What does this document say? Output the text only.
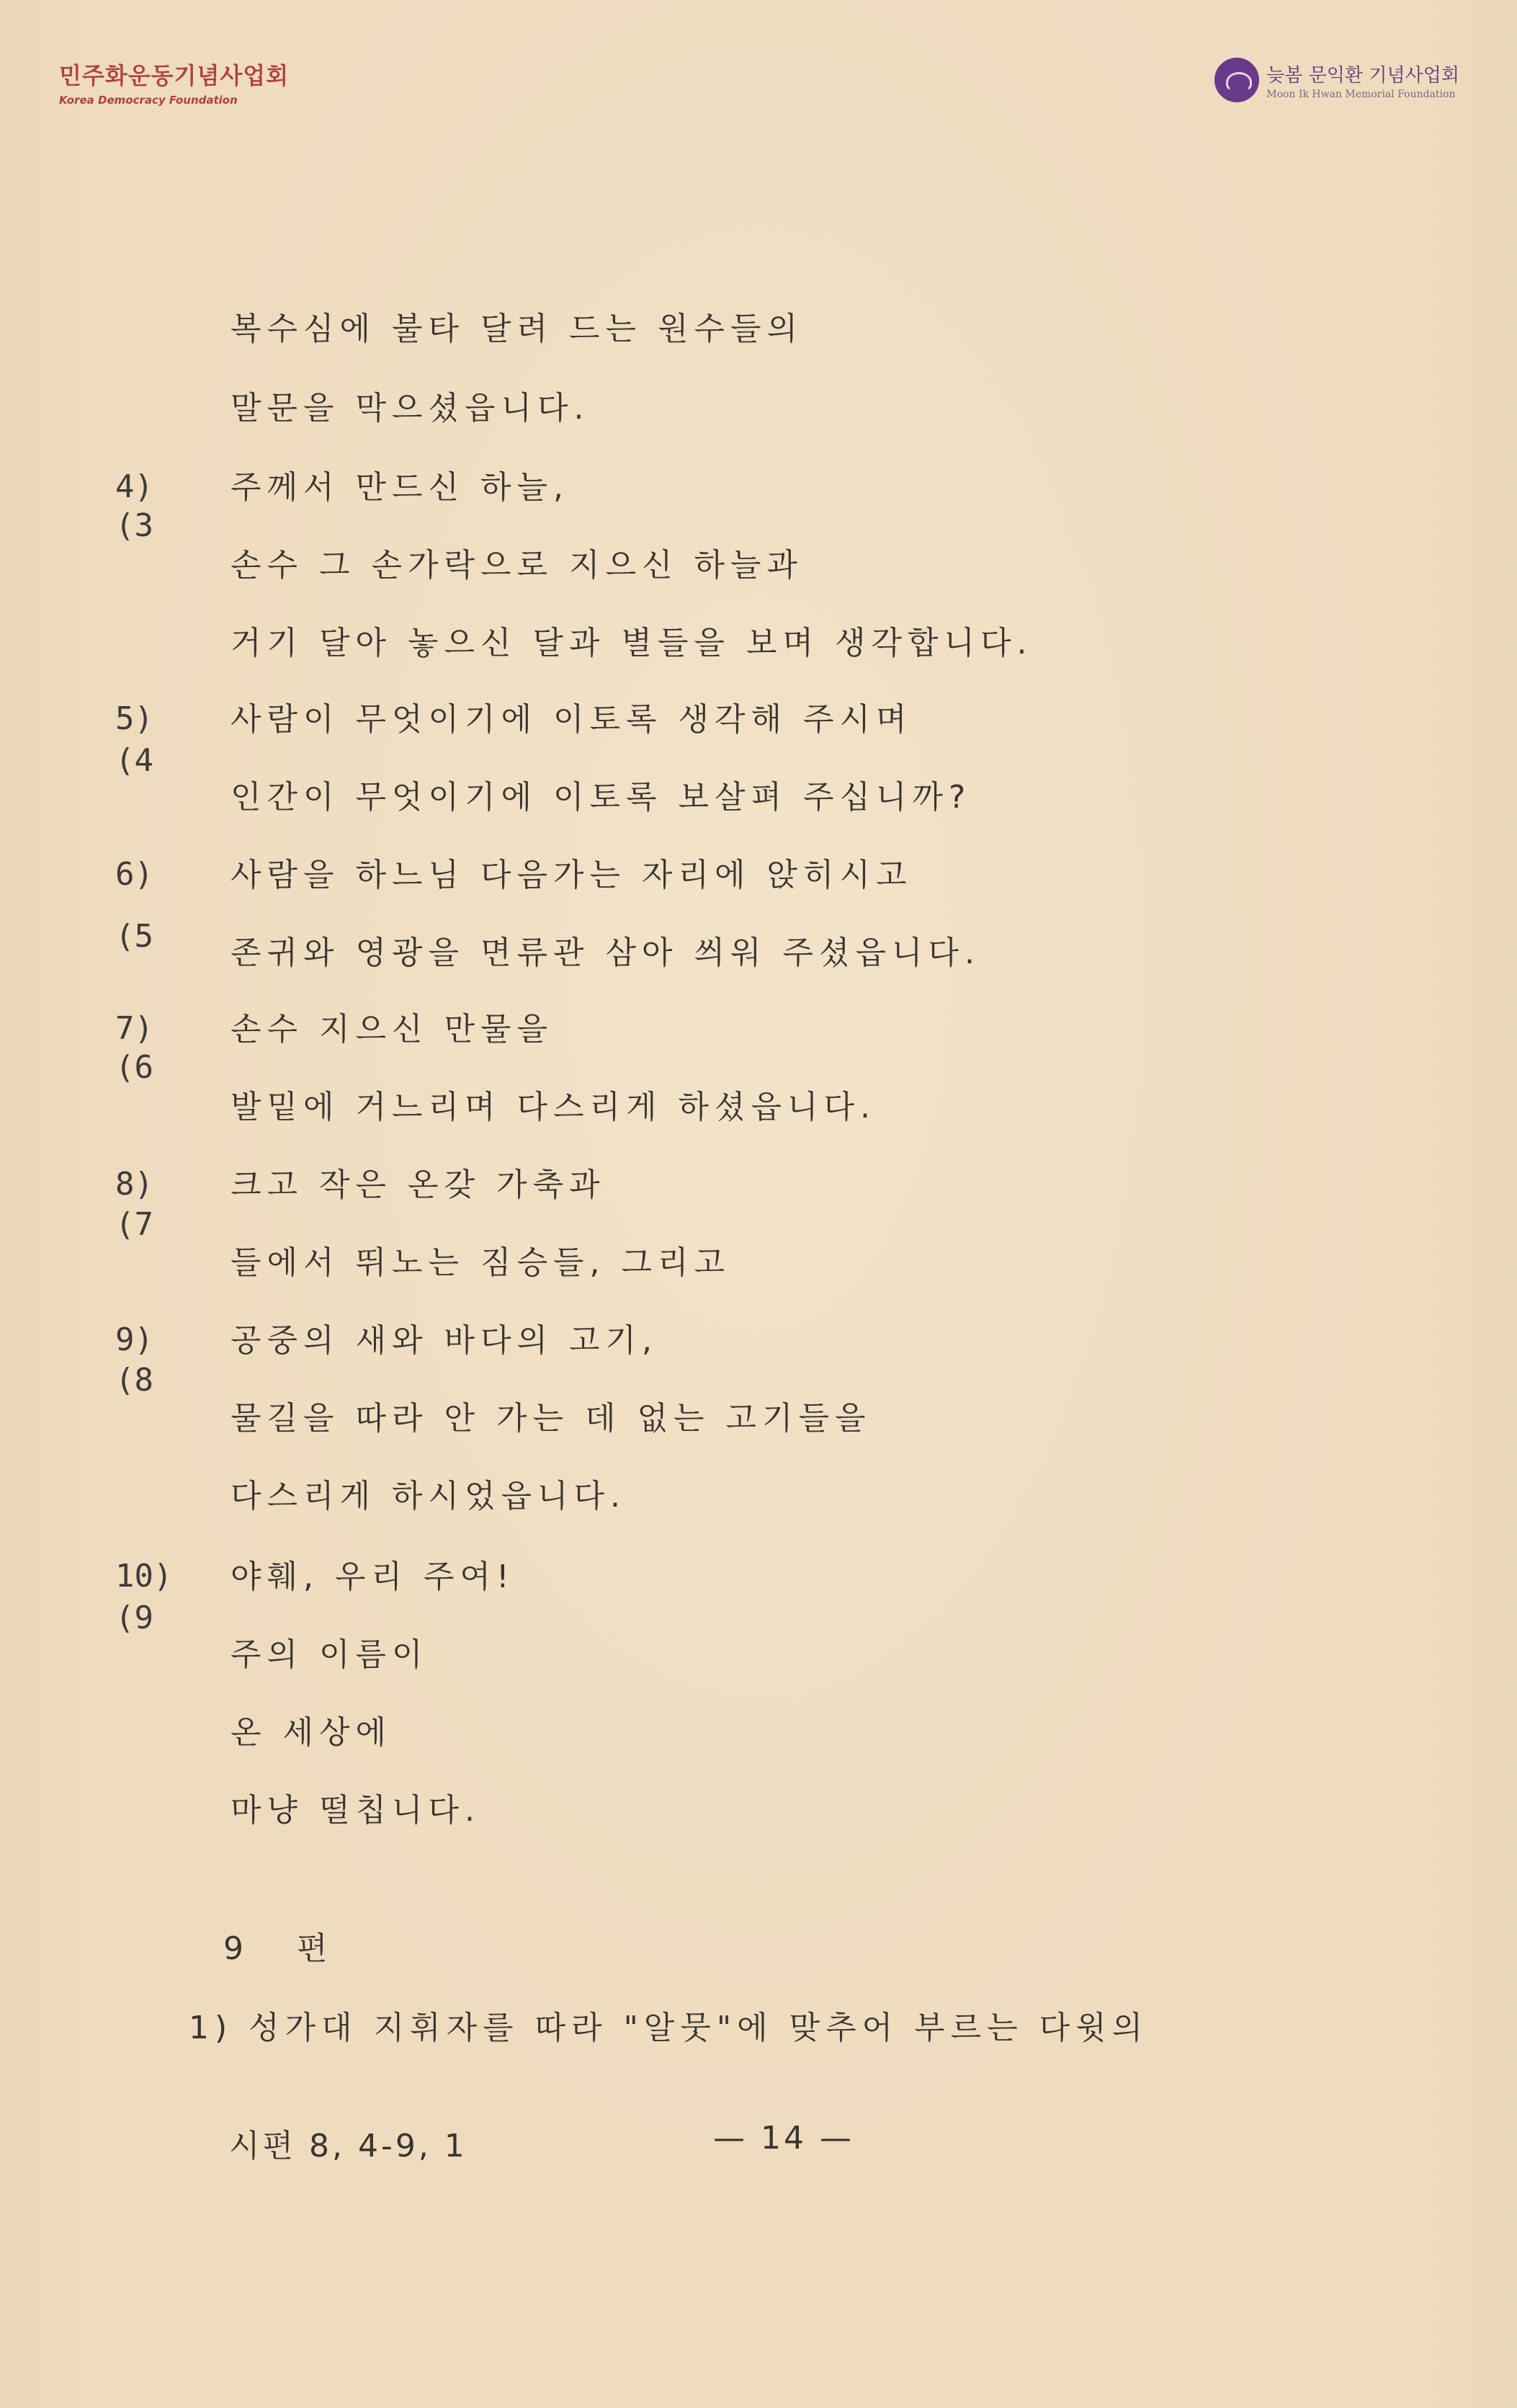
민주화운동기념사업회
Korea Democracy Foundation
늦봄 문익환 기념사업회
Moon Ik Hwan Memorial Foundation
복수심에 불타 달려 드는 원수들의
말문을 막으셨읍니다.
4) 주께서 만드신 하늘,
(3
손수 그 손가락으로 지으신 하늘과
거기 달아 놓으신 달과 별들을 보며 생각합니다.
5) 사람이 무엇이기에 이토록 생각해 주시며
(4
인간이 무엇이기에 이토록 보살펴 주십니까?
6) 사람을 하느님 다음가는 자리에 앉히시고
(5 존귀와 영광을 면류관 삼아 씌워 주셨읍니다.
7) 손수 지으신 만물을
(6
발밑에 거느리며 다스리게 하셨읍니다.
8) 크고 작은 온갖 가축과
(7
들에서 뛰노는 짐승들, 그리고
9) 공중의 새와 바다의 고기,
(8
물길을 따라 안 가는 데 없는 고기들을
다스리게 하시었읍니다.
10) 야훼, 우리 주여!
(9
주의 이름이
온 세상에
마냥 떨칩니다.
9 편
1) 성가대 지휘자를 따라 "알뭇"에 맞추어 부르는 다윗의
시편 8, 4-9, 1	— 14 —
